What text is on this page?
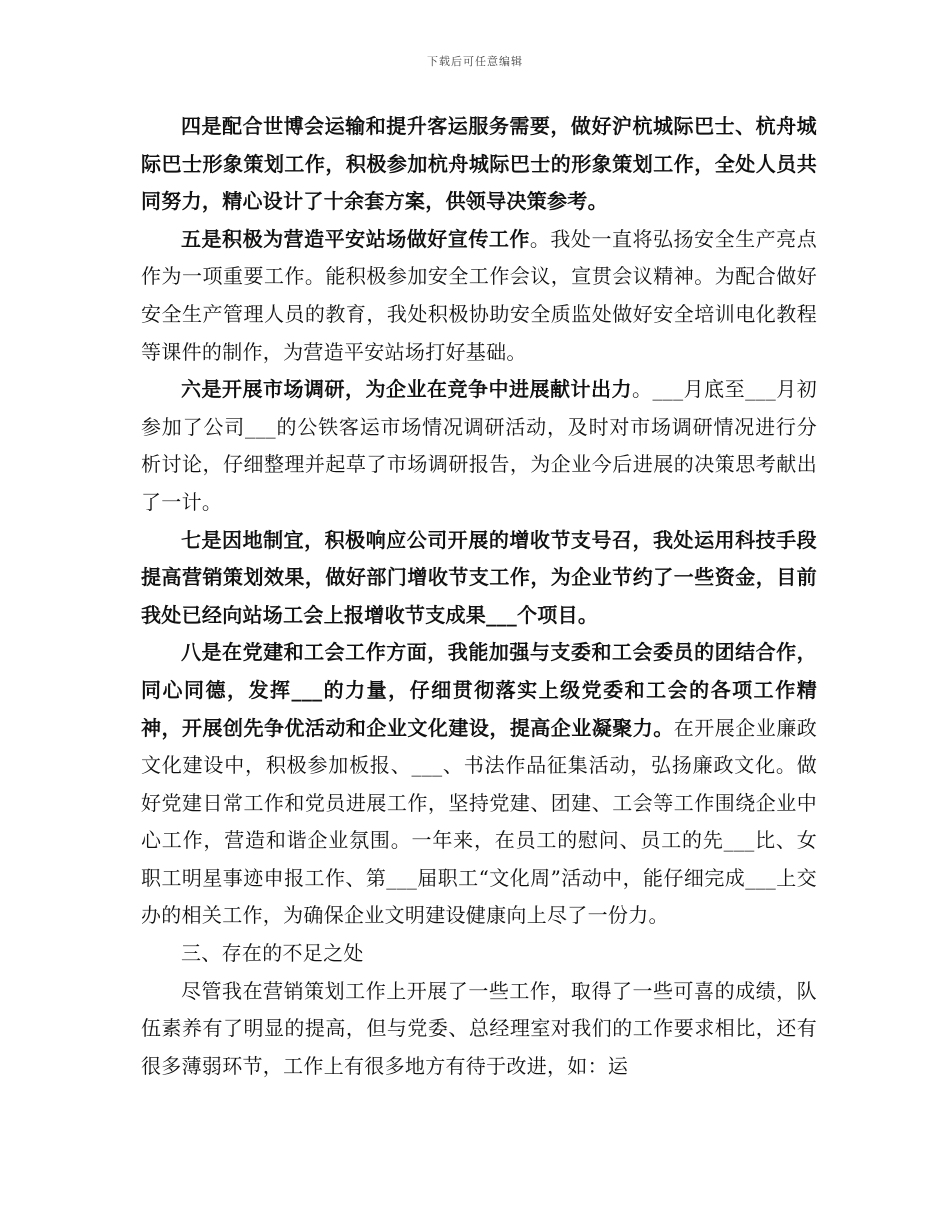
下载后可任意编辑

四是配合世博会运输和提升客运服务需要，做好沪杭城际巴士、杭舟城际巴士形象策划工作，积极参加杭舟城际巴士的形象策划工作，全处人员共同努力，精心设计了十余套方案，供领导决策参考。

五是积极为营造平安站场做好宣传工作。我处一直将弘扬安全生产亮点作为一项重要工作。能积极参加安全工作会议，宣贯会议精神。为配合做好安全生产管理人员的教育，我处积极协助安全质监处做好安全培训电化教程等课件的制作，为营造平安站场打好基础。

六是开展市场调研，为企业在竞争中进展献计出力。___月底至___月初参加了公司___的公铁客运市场情况调研活动，及时对市场调研情况进行分析讨论，仔细整理并起草了市场调研报告，为企业今后进展的决策思考献出了一计。

七是因地制宜，积极响应公司开展的增收节支号召，我处运用科技手段提高营销策划效果，做好部门增收节支工作，为企业节约了一些资金，目前我处已经向站场工会上报增收节支成果___个项目。

八是在党建和工会工作方面，我能加强与支委和工会委员的团结合作，同心同德，发挥___的力量，仔细贯彻落实上级党委和工会的各项工作精神，开展创先争优活动和企业文化建设，提高企业凝聚力。在开展企业廉政文化建设中，积极参加板报、___、书法作品征集活动，弘扬廉政文化。做好党建日常工作和党员进展工作，坚持党建、团建、工会等工作围绕企业中心工作，营造和谐企业氛围。一年来，在员工的慰问、员工的先___比、女职工明星事迹申报工作、第___届职工“文化周”活动中，能仔细完成___上交办的相关工作，为确保企业文明建设健康向上尽了一份力。

三、存在的不足之处

尽管我在营销策划工作上开展了一些工作，取得了一些可喜的成绩，队伍素养有了明显的提高，但与党委、总经理室对我们的工作要求相比，还有很多薄弱环节，工作上有很多地方有待于改进，如：运
